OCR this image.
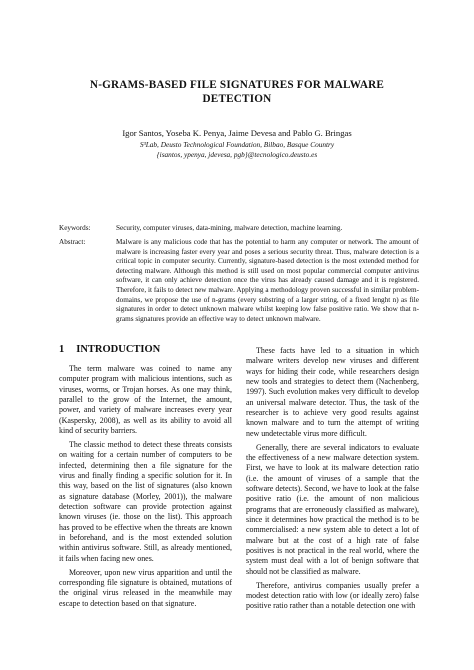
N-GRAMS-BASED FILE SIGNATURES FOR MALWARE
DETECTION
Igor Santos, Yoseba K. Penya, Jaime Devesa and Pablo G. Bringas
S³Lab, Deusto Technological Foundation, Bilbao, Basque Country
{isantos, ypenya, jdevesa, pgb}@tecnologico.deusto.es
Keywords:	Security, computer viruses, data-mining, malware detection, machine learning.
Abstract:	Malware is any malicious code that has the potential to harm any computer or network. The amount of malware is increasing faster every year and poses a serious security threat. Thus, malware detection is a critical topic in computer security. Currently, signature-based detection is the most extended method for detecting malware. Although this method is still used on most popular commercial computer antivirus software, it can only achieve detection once the virus has already caused damage and it is registered. Therefore, it fails to detect new malware. Applying a methodology proven successful in similar problem-domains, we propose the use of n-grams (every substring of a larger string, of a fixed lenght n) as file signatures in order to detect unknown malware whilst keeping low false positive ratio. We show that n-grams signatures provide an effective way to detect unknown malware.
1 INTRODUCTION

The term malware was coined to name any computer program with malicious intentions, such as viruses, worms, or Trojan horses. As one may think, parallel to the grow of the Internet, the amount, power, and variety of malware increases every year (Kaspersky, 2008), as well as its ability to avoid all kind of security barriers.

The classic method to detect these threats consists on waiting for a certain number of computers to be infected, determining then a file signature for the virus and finally finding a specific solution for it. In this way, based on the list of signatures (also known as signature database (Morley, 2001)), the malware detection software can provide protection against known viruses (ie. those on the list). This approach has proved to be effective when the threats are known in beforehand, and is the most extended solution within antivirus software. Still, as already mentioned, it fails when facing new ones.

Moreover, upon new virus apparition and until the corresponding file signature is obtained, mutations of the original virus released in the meanwhile may escape to detection based on that signature.

These facts have led to a situation in which malware writers develop new viruses and different ways for hiding their code, while researchers design new tools and strategies to detect them (Nachenberg, 1997). Such evolution makes very difficult to develop an universal malware detector. Thus, the task of the researcher is to achieve very good results against known malware and to turn the attempt of writing new undetectable virus more difficult.

Generally, there are several indicators to evaluate the effectiveness of a new malware detection system. First, we have to look at its malware detection ratio (i.e. the amount of viruses of a sample that the software detects). Second, we have to look at the false positive ratio (i.e. the amount of non malicious programs that are erroneously classified as malware), since it determines how practical the method is to be commercialised: a new system able to detect a lot of malware but at the cost of a high rate of false positives is not practical in the real world, where the system must deal with a lot of benign software that should not be classified as malware.

Therefore, antivirus companies usually prefer a modest detection ratio with low (or ideally zero) false positive ratio rather than a notable detection one with
